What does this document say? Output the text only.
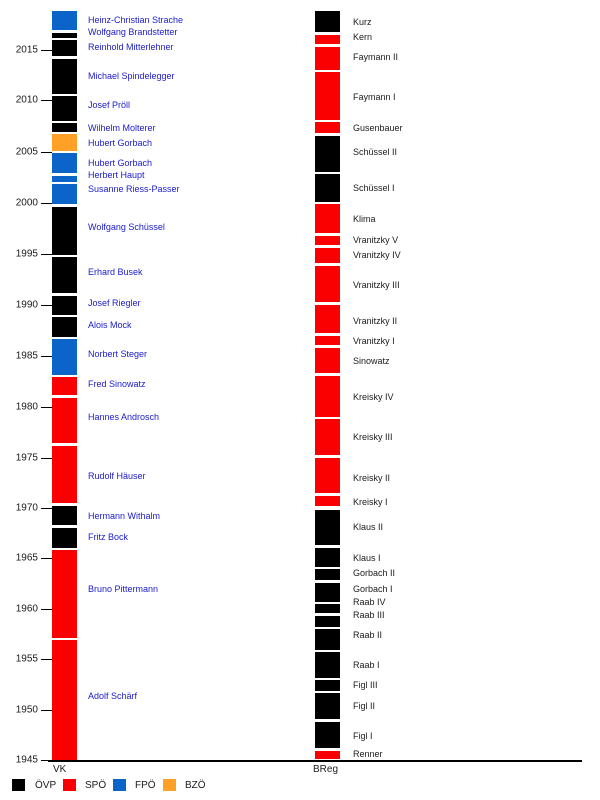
2015
2010
2005
2000
1995
1990
1985
1980
1975
1970
1965
1960
1955
1950
1945
Heinz-Christian Strache
Wolfgang Brandstetter
Reinhold Mitterlehner
Michael Spindelegger
Josef Pröll
Wilhelm Molterer
Hubert Gorbach
Hubert Gorbach
Herbert Haupt
Susanne Riess-Passer
Wolfgang Schüssel
Erhard Busek
Josef Riegler
Alois Mock
Norbert Steger
Fred Sinowatz
Hannes Androsch
Rudolf Häuser
Hermann Withalm
Fritz Bock
Bruno Pittermann
Adolf Schärf
Kurz
Kern
Faymann II
Faymann I
Gusenbauer
Schüssel II
Schüssel I
Klima
Vranitzky V
Vranitzky IV
Vranitzky III
Vranitzky II
Vranitzky I
Sinowatz
Kreisky IV
Kreisky III
Kreisky II
Kreisky I
Klaus II
Klaus I
Gorbach II
Gorbach I
Raab IV
Raab III
Raab II
Raab I
Figl III
Figl II
Figl I
Renner
VK	BReg
ÖVP	SPÖ	FPÖ	BZÖ
